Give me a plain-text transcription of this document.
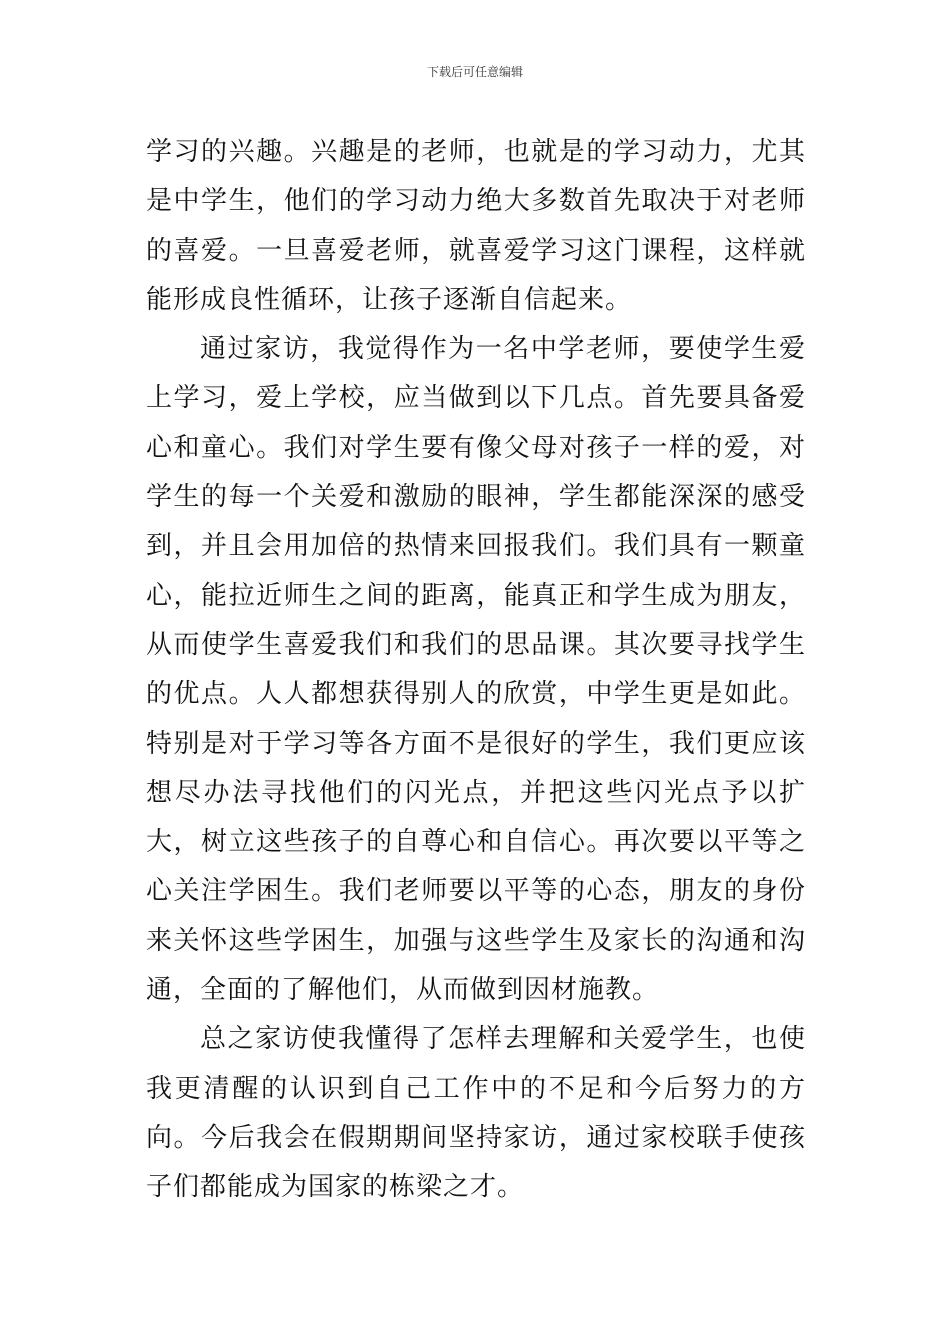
下载后可任意编辑

学习的兴趣。兴趣是的老师，也就是的学习动力，尤其是中学生，他们的学习动力绝大多数首先取决于对老师的喜爱。一旦喜爱老师，就喜爱学习这门课程，这样就能形成良性循环，让孩子逐渐自信起来。

通过家访，我觉得作为一名中学老师，要使学生爱上学习，爱上学校，应当做到以下几点。首先要具备爱心和童心。我们对学生要有像父母对孩子一样的爱，对学生的每一个关爱和激励的眼神，学生都能深深的感受到，并且会用加倍的热情来回报我们。我们具有一颗童心，能拉近师生之间的距离，能真正和学生成为朋友，从而使学生喜爱我们和我们的思品课。其次要寻找学生的优点。人人都想获得别人的欣赏，中学生更是如此。特别是对于学习等各方面不是很好的学生，我们更应该想尽办法寻找他们的闪光点，并把这些闪光点予以扩大，树立这些孩子的自尊心和自信心。再次要以平等之心关注学困生。我们老师要以平等的心态，朋友的身份来关怀这些学困生，加强与这些学生及家长的沟通和沟通，全面的了解他们，从而做到因材施教。

总之家访使我懂得了怎样去理解和关爱学生，也使我更清醒的认识到自己工作中的不足和今后努力的方向。今后我会在假期期间坚持家访，通过家校联手使孩子们都能成为国家的栋梁之才。
